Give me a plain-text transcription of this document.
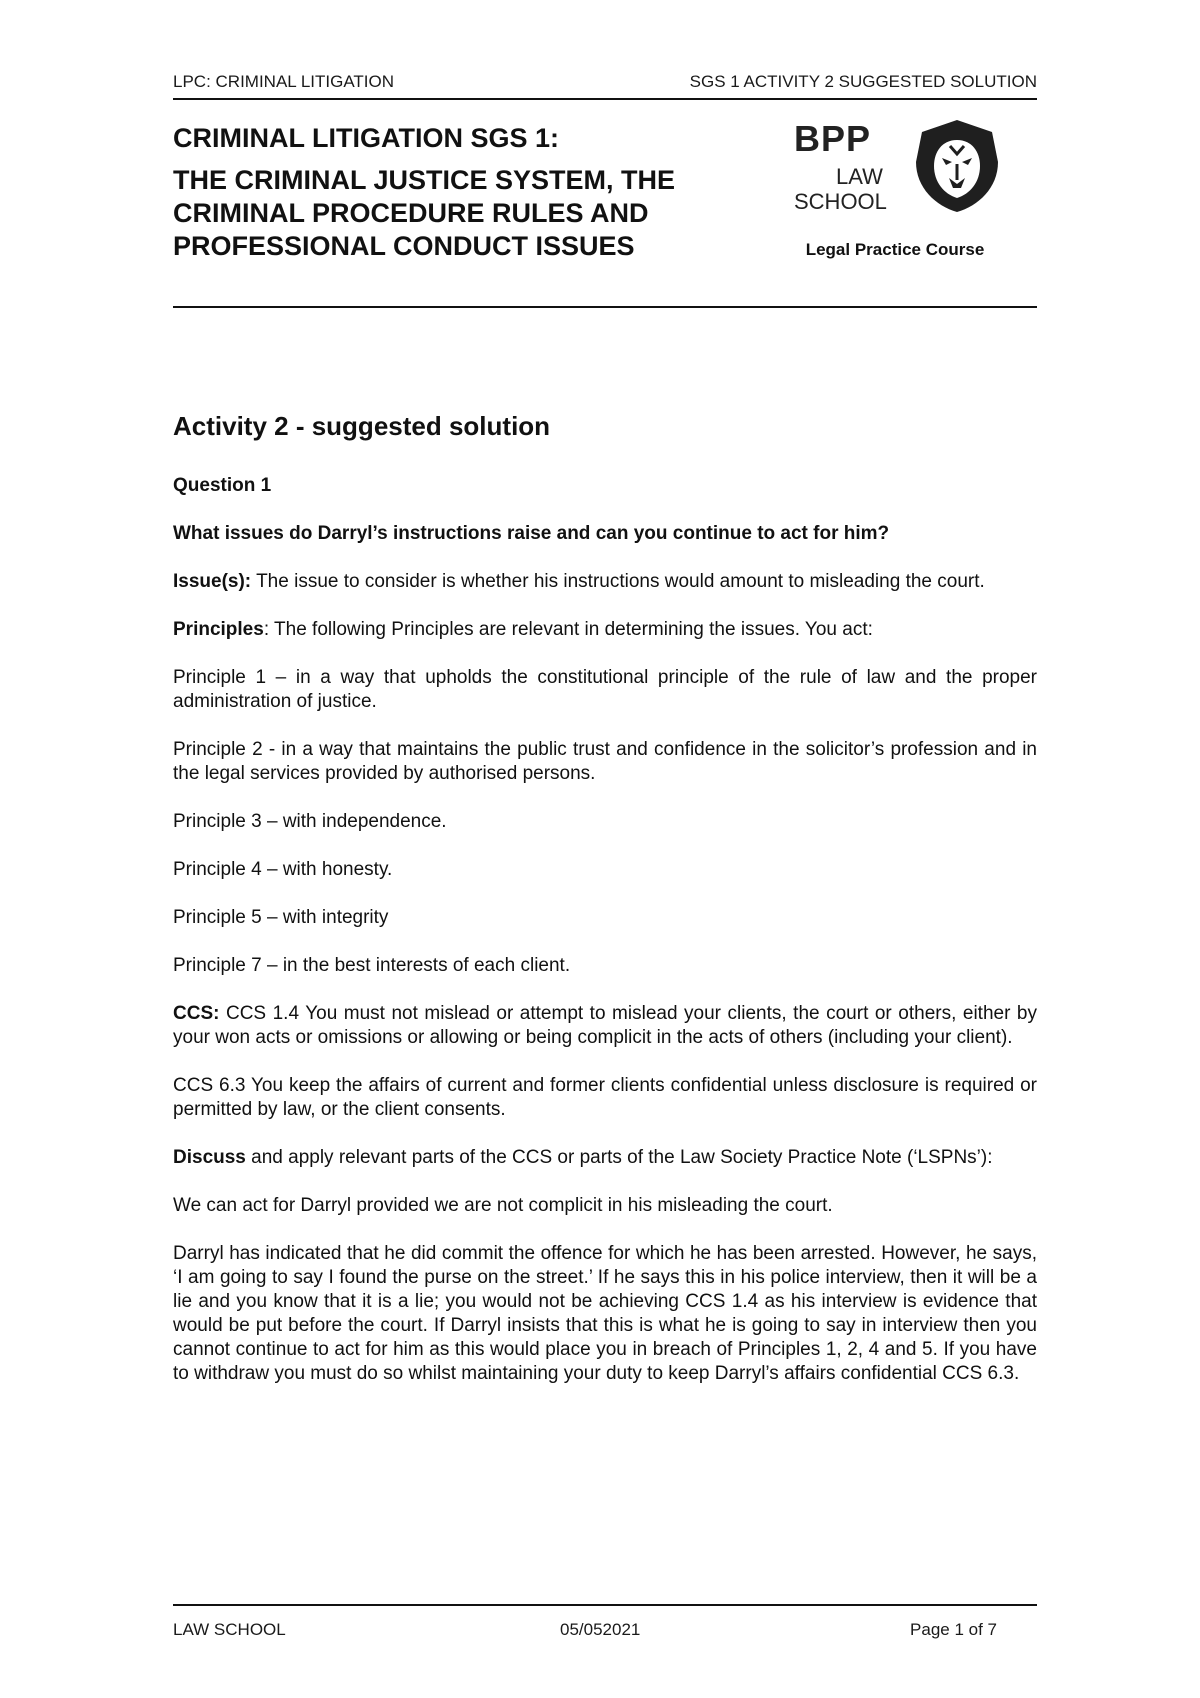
LPC: CRIMINAL LITIGATION	SGS 1 ACTIVITY 2 SUGGESTED SOLUTION
CRIMINAL LITIGATION SGS 1:
THE CRIMINAL JUSTICE SYSTEM, THE
CRIMINAL PROCEDURE RULES AND
PROFESSIONAL CONDUCT ISSUES
BPP
LAW
SCHOOL
Legal Practice Course
Activity 2 - suggested solution
Question 1
What issues do Darryl’s instructions raise and can you continue to act for him?

Issue(s): The issue to consider is whether his instructions would amount to misleading the court.

Principles: The following Principles are relevant in determining the issues. You act:

Principle 1 – in a way that upholds the constitutional principle of the rule of law and the proper administration of justice.

Principle 2 - in a way that maintains the public trust and confidence in the solicitor’s profession and in the legal services provided by authorised persons.

Principle 3 – with independence.

Principle 4 – with honesty.

Principle 5 – with integrity

Principle 7 – in the best interests of each client.

CCS: CCS 1.4 You must not mislead or attempt to mislead your clients, the court or others, either by your won acts or omissions or allowing or being complicit in the acts of others (including your client).

CCS 6.3 You keep the affairs of current and former clients confidential unless disclosure is required or permitted by law, or the client consents.

Discuss and apply relevant parts of the CCS or parts of the Law Society Practice Note (‘LSPNs’):

We can act for Darryl provided we are not complicit in his misleading the court.

Darryl has indicated that he did commit the offence for which he has been arrested. However, he says, ‘I am going to say I found the purse on the street.’ If he says this in his police interview, then it will be a lie and you know that it is a lie; you would not be achieving CCS 1.4 as his interview is evidence that would be put before the court. If Darryl insists that this is what he is going to say in interview then you cannot continue to act for him as this would place you in breach of Principles 1, 2, 4 and 5. If you have to withdraw you must do so whilst maintaining your duty to keep Darryl’s affairs confidential CCS 6.3.

LAW SCHOOL	05/052021	Page 1 of 7
